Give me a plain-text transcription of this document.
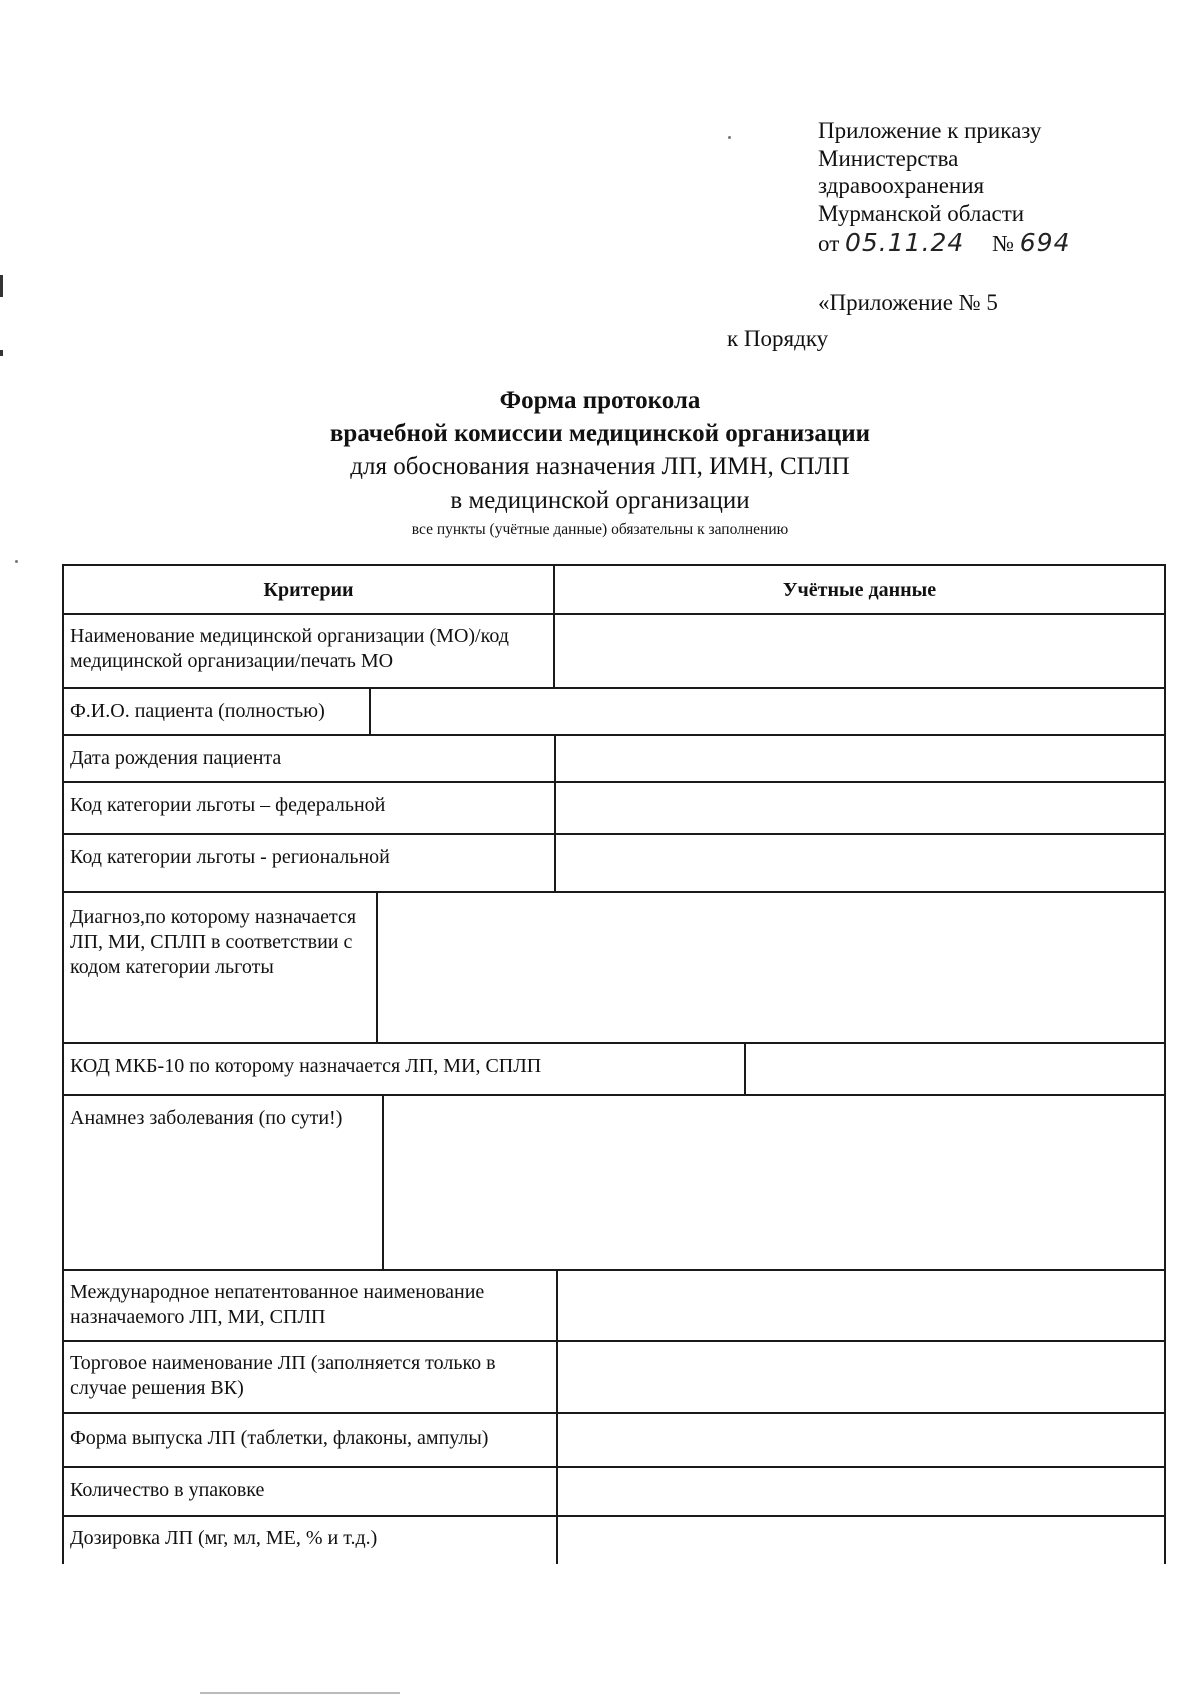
Приложение к приказу
Министерства
здравоохранения
Мурманской области
от 05.11.24 № 694
«Приложение № 5
к Порядку
Форма протокола
врачебной комиссии медицинской организации
для обоснования назначения ЛП, ИМН, СПЛП
в медицинской организации
все пункты (учётные данные) обязательны к заполнению
Критерии	Учётные данные
Наименование медицинской организации (МО)/код медицинской организации/печать МО
Ф.И.О. пациента (полностью)
Дата рождения пациента
Код категории льготы – федеральной
Код категории льготы - региональной
Диагноз,по которому назначается ЛП, МИ, СПЛП в соответствии с кодом категории льготы
КОД МКБ-10 по которому назначается ЛП, МИ, СПЛП
Анамнез заболевания (по сути!)
Международное непатентованное наименование назначаемого ЛП, МИ, СПЛП
Торговое наименование ЛП (заполняется только в случае решения ВК)
Форма выпуска ЛП (таблетки, флаконы, ампулы)
Количество в упаковке
Дозировка ЛП (мг, мл, МЕ, % и т.д.)
